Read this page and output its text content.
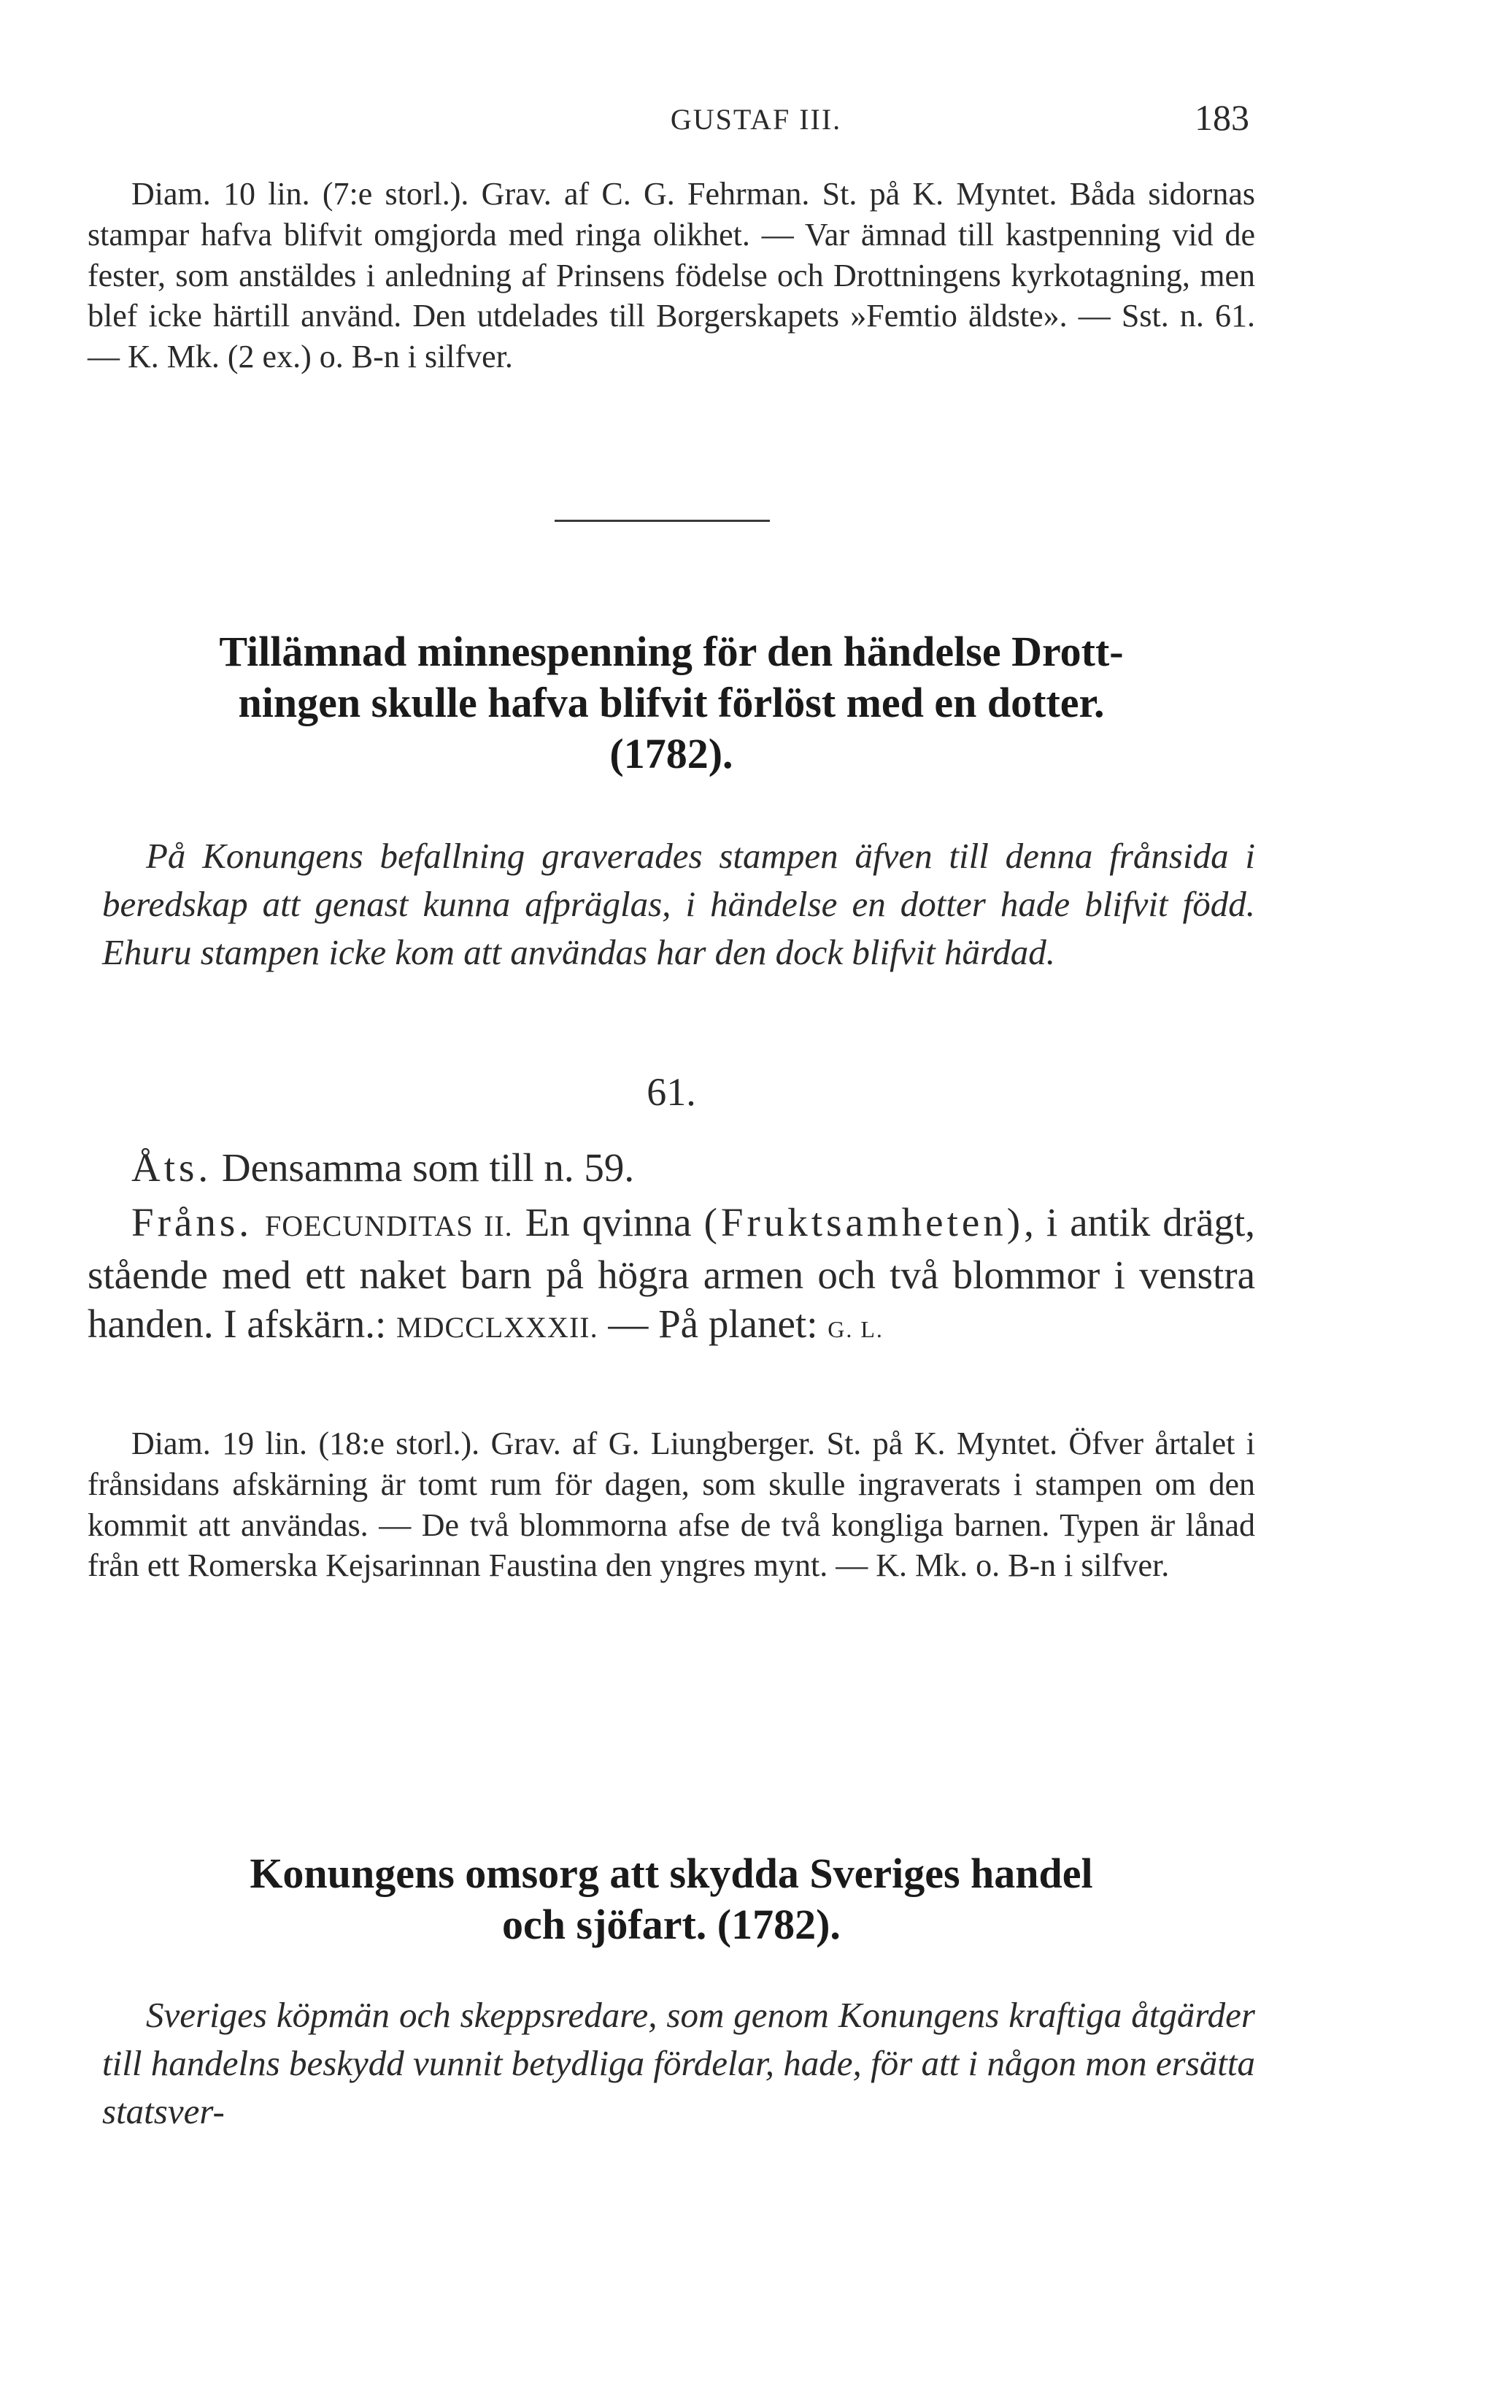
GUSTAF III.	183

Diam. 10 lin. (7:e storl.). Grav. af C. G. Fehrman. St. på K. Myntet. Båda sidornas stampar hafva blifvit omgjorda med ringa olikhet. — Var ämnad till kastpenning vid de fester, som anstäldes i anledning af Prinsens födelse och Drottningens kyrkotagning, men blef icke härtill använd. Den utdelades till Borgerskapets »Femtio äldste». — Sst. n. 61. — K. Mk. (2 ex.) o. B-n i silfver.

Tillämnad minnespenning för den händelse Drott-
ningen skulle hafva blifvit förlöst med en dotter.
(1782).

På Konungens befallning graverades stampen äfven till denna frånsida i beredskap att genast kunna afpräglas, i händelse en dotter hade blifvit född. Ehuru stampen icke kom att användas har den dock blifvit härdad.

61.

Åts. Densamma som till n. 59.

Fråns. FOECUNDITAS II. En qvinna (Fruktsamheten), i antik drägt, stående med ett naket barn på högra armen och två blommor i venstra handen. I afskärn.: MDCCLXXXII. — På planet: G. L.

Diam. 19 lin. (18:e storl.). Grav. af G. Liungberger. St. på K. Myntet. Öfver årtalet i frånsidans afskärning är tomt rum för dagen, som skulle ingraverats i stampen om den kommit att användas. — De två blommorna afse de två kongliga barnen. Typen är lånad från ett Romerska Kejsarinnan Faustina den yngres mynt. — K. Mk. o. B-n i silfver.

Konungens omsorg att skydda Sveriges handel
och sjöfart. (1782).

Sveriges köpmän och skeppsredare, som genom Konungens kraftiga åtgärder till handelns beskydd vunnit betydliga fördelar, hade, för att i någon mon ersätta statsver-
